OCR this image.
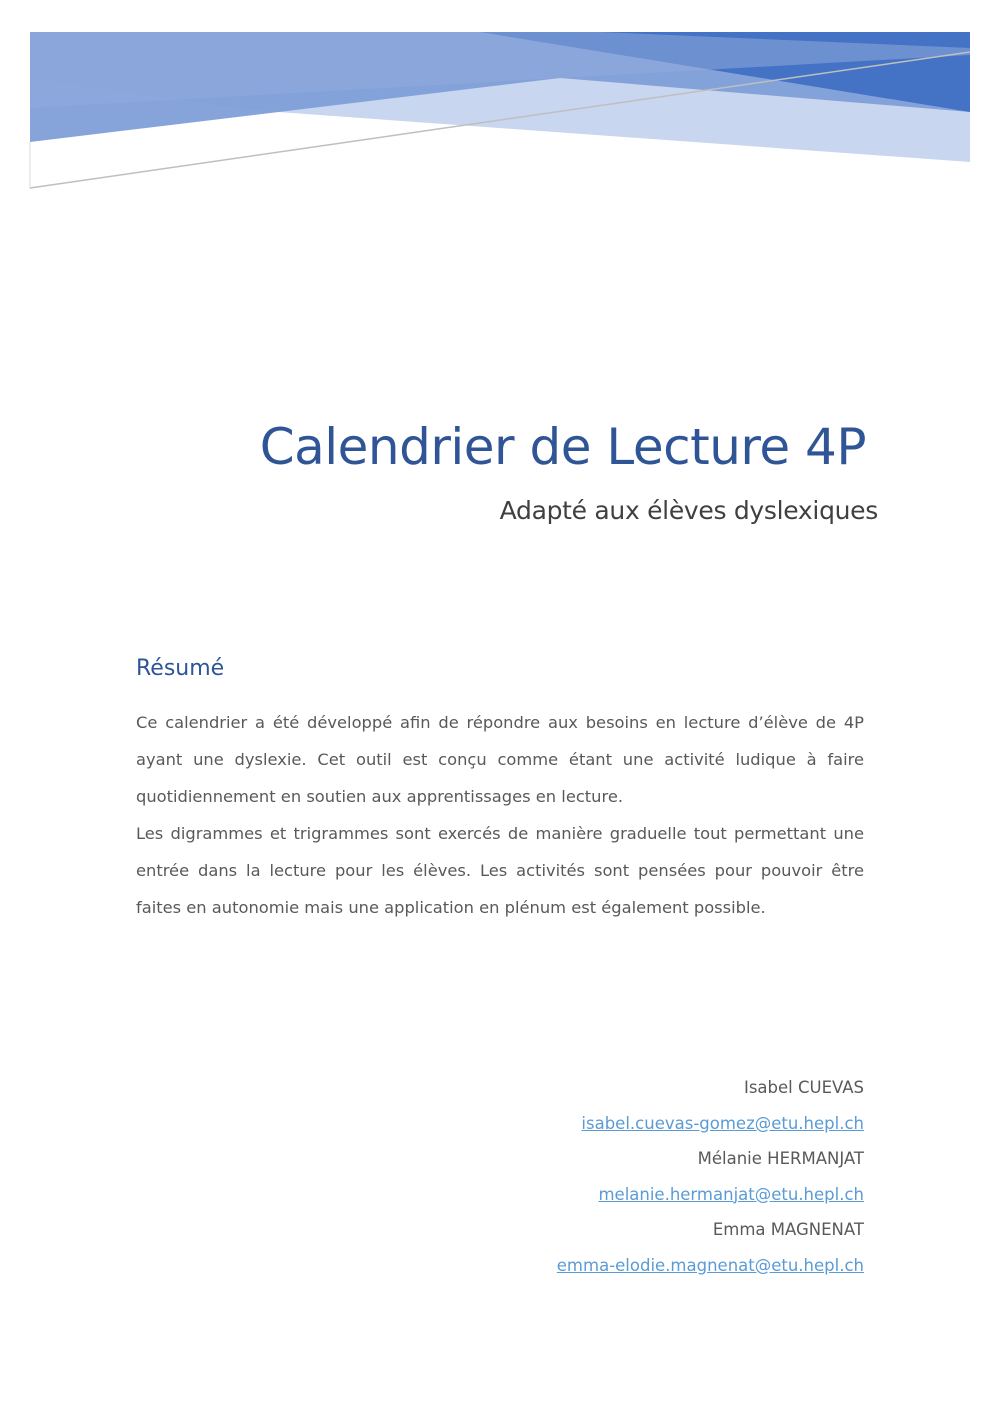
Calendrier de Lecture 4P
Adapté aux élèves dyslexiques
Résumé

Ce calendrier a été développé afin de répondre aux besoins en lecture d’élève de 4P ayant une dyslexie. Cet outil est conçu comme étant une activité ludique à faire quotidiennement en soutien aux apprentissages en lecture.

Les digrammes et trigrammes sont exercés de manière graduelle tout permettant une entrée dans la lecture pour les élèves. Les activités sont pensées pour pouvoir être faites en autonomie mais une application en plénum est également possible.

Isabel CUEVAS
isabel.cuevas-gomez@etu.hepl.ch
Mélanie HERMANJAT
melanie.hermanjat@etu.hepl.ch
Emma MAGNENAT
emma-elodie.magnenat@etu.hepl.ch
